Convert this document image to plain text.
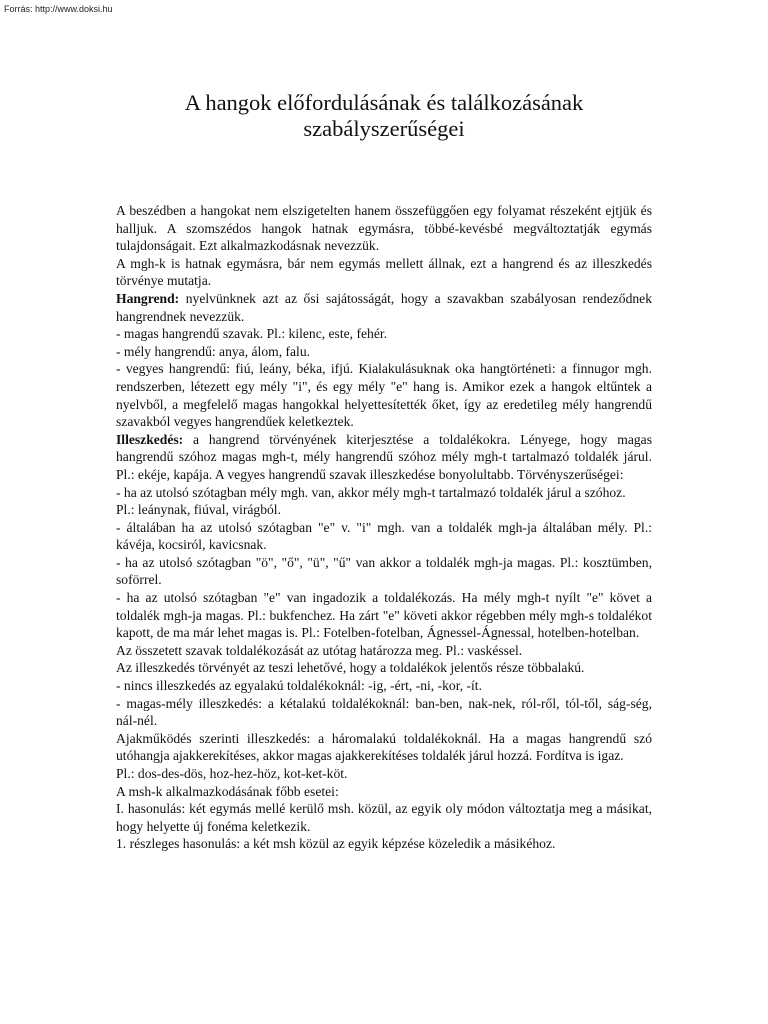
Forrás: http://www.doksi.hu
A hangok előfordulásának és találkozásának
szabályszerűségei

A beszédben a hangokat nem elszigetelten hanem összefüggően egy folyamat részeként ejtjük és halljuk. A szomszédos hangok hatnak egymásra, többé-kevésbé megváltoztatják egymás tulajdonságait. Ezt alkalmazkodásnak nevezzük.

A mgh-k is hatnak egymásra, bár nem egymás mellett állnak, ezt a hangrend és az illeszkedés törvénye mutatja.

Hangrend: nyelvünknek azt az ősi sajátosságát, hogy a szavakban szabályosan rendeződnek hangrendnek nevezzük.

- magas hangrendű szavak. Pl.: kilenc, este, fehér.

- mély hangrendű: anya, álom, falu.

- vegyes hangrendű: fiú, leány, béka, ifjú. Kialakulásuknak oka hangtörténeti: a finnugor mgh. rendszerben, létezett egy mély "i", és egy mély "e" hang is. Amikor ezek a hangok eltűntek a nyelvből, a megfelelő magas hangokkal helyettesítették őket, így az eredetileg mély hangrendű szavakból vegyes hangrendűek keletkeztek.

Illeszkedés: a hangrend törvényének kiterjesztése a toldalékokra. Lényege, hogy magas hangrendű szóhoz magas mgh-t, mély hangrendű szóhoz mély mgh-t tartalmazó toldalék járul. Pl.: ekéje, kapája. A vegyes hangrendű szavak illeszkedése bonyolultabb. Törvényszerűségei:

- ha az utolsó szótagban mély mgh. van, akkor mély mgh-t tartalmazó toldalék járul a szóhoz.

Pl.: leánynak, fiúval, virágból.

- általában ha az utolsó szótagban "e" v. "i" mgh. van a toldalék mgh-ja általában mély. Pl.: kávéja, kocsiról, kavicsnak.

- ha az utolsó szótagban "ö", "ő", "ü", "ű" van akkor a toldalék mgh-ja magas. Pl.: kosztümben, soförrel.

- ha az utolsó szótagban "e" van ingadozik a toldalékozás. Ha mély mgh-t nyílt "e" követ a toldalék mgh-ja magas. Pl.: bukfenchez. Ha zárt "e" követi akkor régebben mély mgh-s toldalékot kapott, de ma már lehet magas is. Pl.: Fotelben-fotelban, Ágnessel-Ágnessal, hotelben-hotelban.

Az összetett szavak toldalékozását az utótag határozza meg. Pl.: vaskéssel.

Az illeszkedés törvényét az teszi lehetővé, hogy a toldalékok jelentős része többalakú.

- nincs illeszkedés az egyalakú toldalékoknál: -ig, -ért, -ni, -kor, -ít.

- magas-mély illeszkedés: a kétalakú toldalékoknál: ban-ben, nak-nek, ról-ről, tól-től, ság-ség, nál-nél.

Ajakműködés szerinti illeszkedés: a háromalakú toldalékoknál. Ha a magas hangrendű szó utóhangja ajakkerekítéses, akkor magas ajakkerekítéses toldalék járul hozzá. Fordítva is igaz.

Pl.: dos-des-dös, hoz-hez-höz, kot-ket-köt.

A msh-k alkalmazkodásának főbb esetei:

I. hasonulás: két egymás mellé kerülő msh. közül, az egyik oly módon változtatja meg a másikat, hogy helyette új fonéma keletkezik.

1. részleges hasonulás: a két msh közül az egyik képzése közeledik a másikéhoz.
